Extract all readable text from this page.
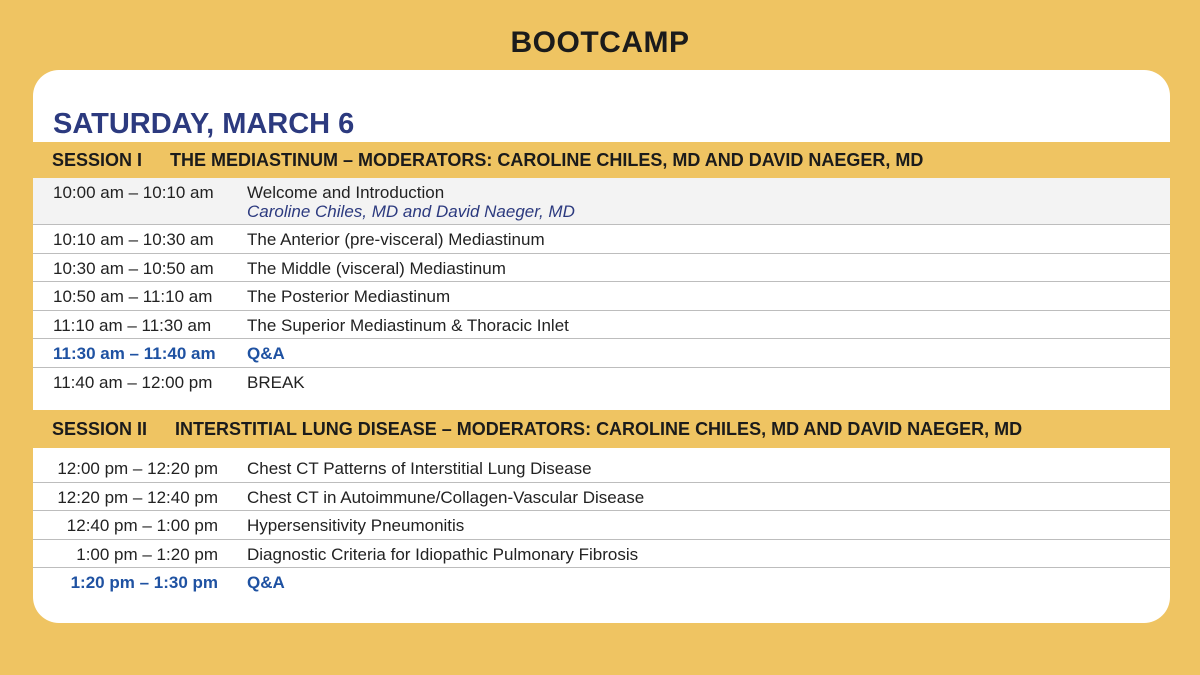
BOOTCAMP
SATURDAY, MARCH 6
SESSION I THE MEDIASTINUM – MODERATORS: CAROLINE CHILES, MD AND DAVID NAEGER, MD
10:00 am – 10:10 am	Welcome and Introduction
Caroline Chiles, MD and David Naeger, MD
10:10 am – 10:30 am	The Anterior (pre-visceral) Mediastinum
10:30 am – 10:50 am	The Middle (visceral) Mediastinum
10:50 am – 11:10 am	The Posterior Mediastinum
11:10 am – 11:30 am	The Superior Mediastinum & Thoracic Inlet
11:30 am – 11:40 am Q&A
11:40 am – 12:00 pm	BREAK
SESSION II INTERSTITIAL LUNG DISEASE – MODERATORS: CAROLINE CHILES, MD AND DAVID NAEGER, MD
12:00 pm – 12:20 pm Chest CT Patterns of Interstitial Lung Disease
12:20 pm – 12:40 pm Chest CT in Autoimmune/Collagen-Vascular Disease
12:40 pm – 1:00 pm Hypersensitivity Pneumonitis
1:00 pm – 1:20 pm Diagnostic Criteria for Idiopathic Pulmonary Fibrosis
1:20 pm – 1:30 pm Q&A
